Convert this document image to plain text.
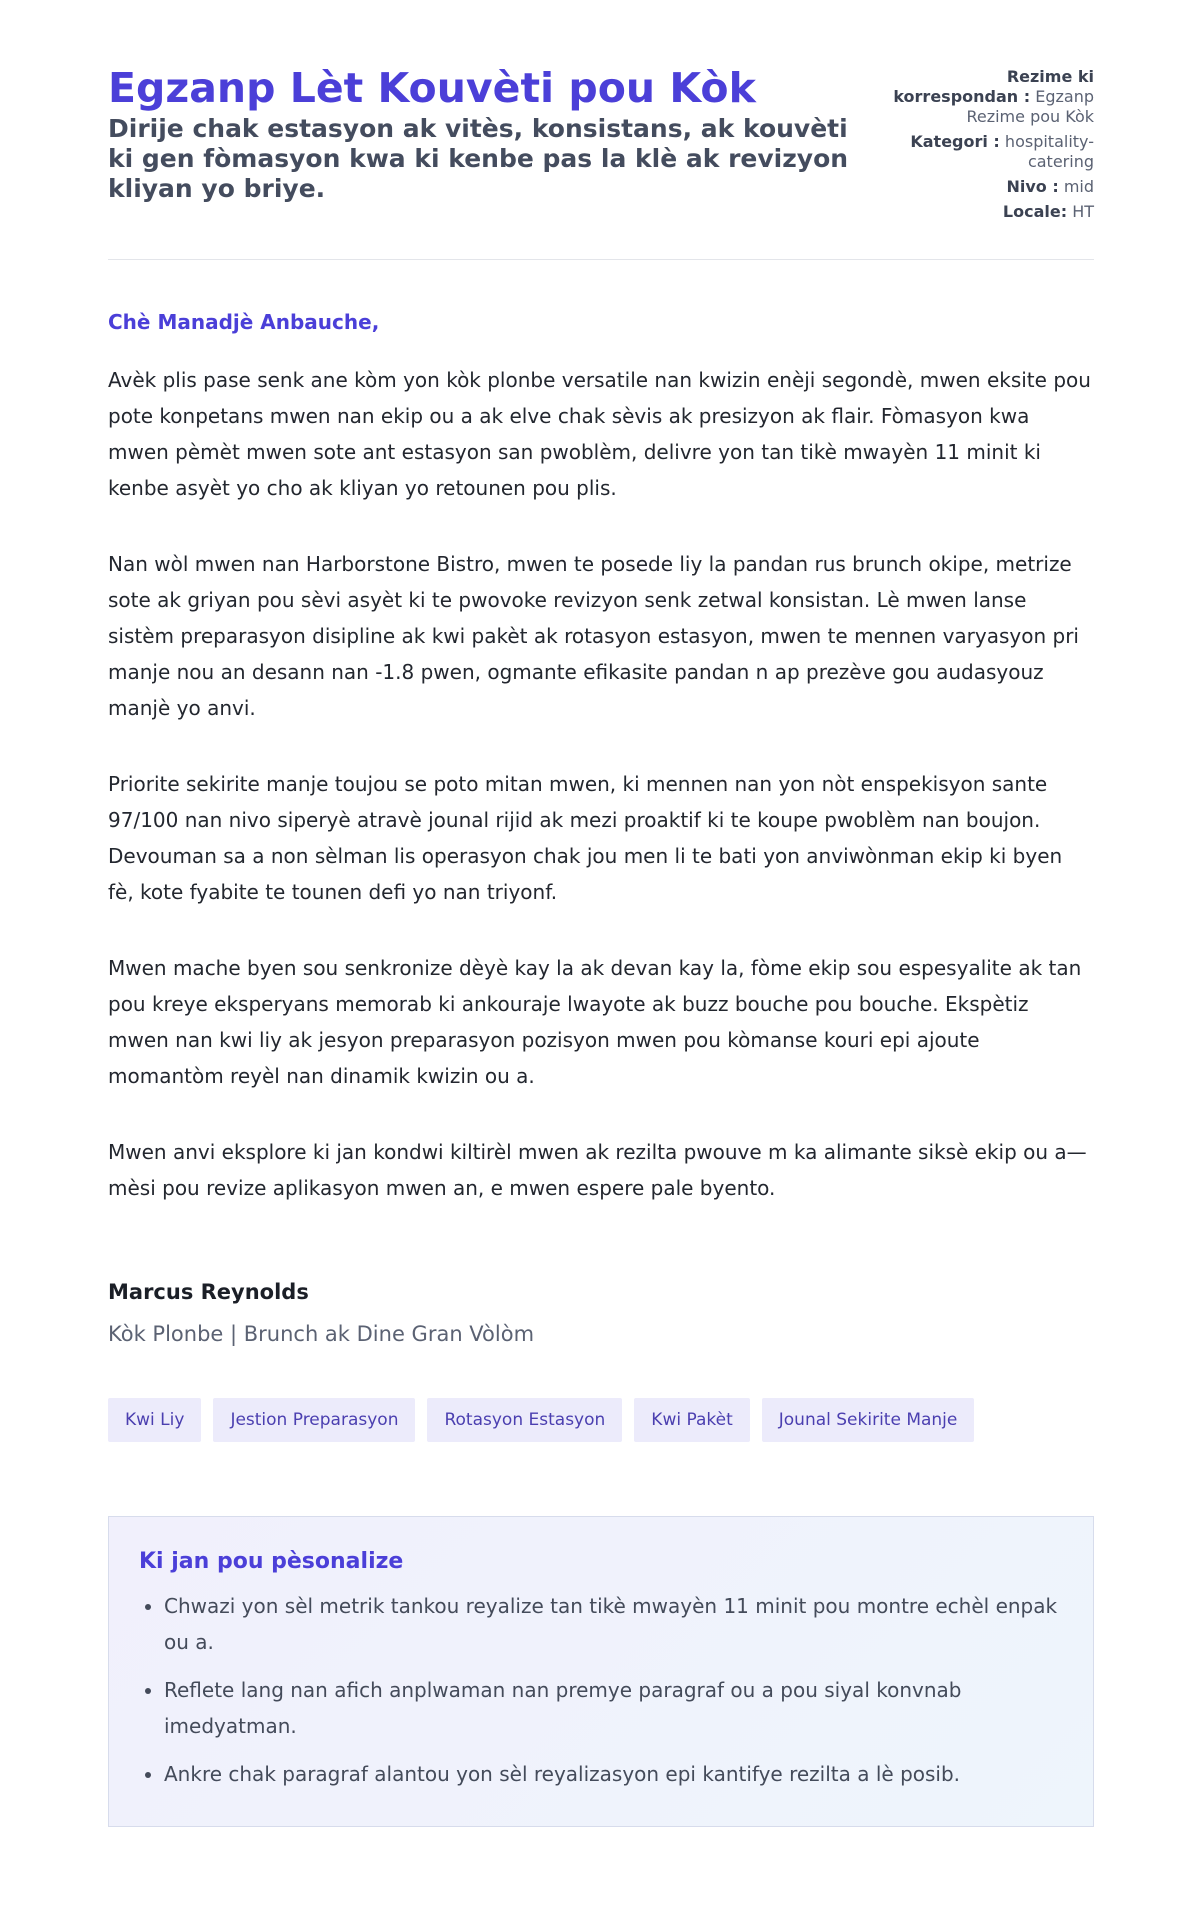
Egzanp Lèt Kouvèti pou Kòk

Dirije chak estasyon ak vitès, konsistans, ak kouvèti ki gen fòmasyon kwa ki kenbe pas la klè ak revizyon kliyan yo briye.

Rezime ki korrespondan : Egzanp Rezime pou Kòk
Kategori : hospitality-catering
Nivo : mid
Locale: HT

Chè Manadjè Anbauche,

Avèk plis pase senk ane kòm yon kòk plonbe versatile nan kwizin enèji segondè, mwen eksite pou pote konpetans mwen nan ekip ou a ak elve chak sèvis ak presizyon ak flair. Fòmasyon kwa mwen pèmèt mwen sote ant estasyon san pwoblèm, delivre yon tan tikè mwayèn 11 minit ki kenbe asyèt yo cho ak kliyan yo retounen pou plis.

Nan wòl mwen nan Harborstone Bistro, mwen te posede liy la pandan rus brunch okipe, metrize sote ak griyan pou sèvi asyèt ki te pwovoke revizyon senk zetwal konsistan. Lè mwen lanse sistèm preparasyon disipline ak kwi pakèt ak rotasyon estasyon, mwen te mennen varyasyon pri manje nou an desann nan -1.8 pwen, ogmante efikasite pandan n ap prezève gou audasyouz manjè yo anvi.

Priorite sekirite manje toujou se poto mitan mwen, ki mennen nan yon nòt enspekisyon sante 97/100 nan nivo siperyè atravè jounal rijid ak mezi proaktif ki te koupe pwoblèm nan boujon. Devouman sa a non sèlman lis operasyon chak jou men li te bati yon anviwònman ekip ki byen fè, kote fyabite te tounen defi yo nan triyonf.

Mwen mache byen sou senkronize dèyè kay la ak devan kay la, fòme ekip sou espesyalite ak tan pou kreye eksperyans memorab ki ankouraje lwayote ak buzz bouche pou bouche. Ekspètiz mwen nan kwi liy ak jesyon preparasyon pozisyon mwen pou kòmanse kouri epi ajoute momantòm reyèl nan dinamik kwizin ou a.

Mwen anvi eksplore ki jan kondwi kiltirèl mwen ak rezilta pwouve m ka alimante siksè ekip ou a—mèsi pou revize aplikasyon mwen an, e mwen espere pale byento.

Marcus Reynolds

Kòk Plonbe | Brunch ak Dine Gran Vòlòm

Kwi Liy	Jestion Preparasyon	Rotasyon Estasyon	Kwi Pakèt	Jounal Sekirite Manje

Ki jan pou pèsonalize

• Chwazi yon sèl metrik tankou reyalize tan tikè mwayèn 11 minit pou montre echèl enpak ou a.
• Reflete lang nan afich anplwaman nan premye paragraf ou a pou siyal konvnab imedyatman.
• Ankre chak paragraf alantou yon sèl reyalizasyon epi kantifye rezilta a lè posib.
